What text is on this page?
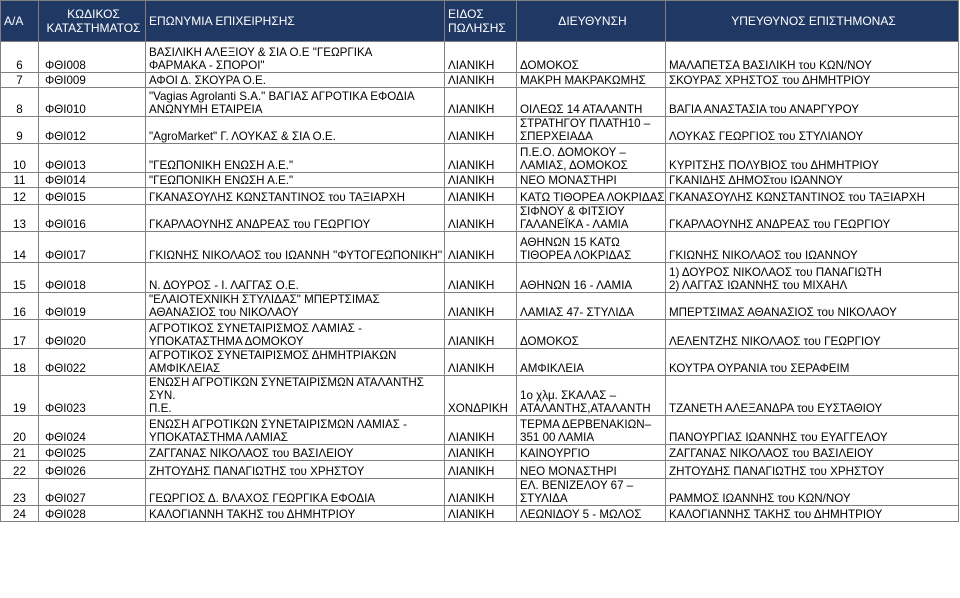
Α/Α	ΚΩΔΙΚΟΣ ΚΑΤΑΣΤΗΜΑΤΟΣ	ΕΠΩΝΥΜΙΑ ΕΠΙΧΕΙΡΗΣΗΣ	ΕΙΔΟΣ ΠΩΛΗΣΗΣ	ΔΙΕΥΘΥΝΣΗ	ΥΠΕΥΘΥΝΟΣ ΕΠΙΣΤΗΜΟΝΑΣ
6	ΦΘΙ008	ΒΑΣΙΛΙΚΗ ΑΛΕΞΙΟΥ & ΣΙΑ Ο.Ε "ΓΕΩΡΓΙΚΑ
ΦΑΡΜΑΚΑ - ΣΠΟΡΟΙ"	ΛΙΑΝΙΚΗ	ΔΟΜΟΚΟΣ	ΜΑΛΑΠΕΤΣΑ ΒΑΣΙΛΙΚΗ του ΚΩΝ/ΝΟΥ
7	ΦΘΙ009	ΑΦΟΙ Δ. ΣΚΟΥΡΑ Ο.Ε.	ΛΙΑΝΙΚΗ	ΜΑΚΡΗ ΜΑΚΡΑΚΩΜΗΣ	ΣΚΟΥΡΑΣ ΧΡΗΣΤΟΣ του ΔΗΜΗΤΡΙΟΥ
8	ΦΘΙ010	"Vagias Agrolanti S.A." ΒΑΓΙΑΣ ΑΓΡΟΤΙΚΑ ΕΦΟΔΙΑ
ΑΝΩΝΥΜΗ ΕΤΑΙΡΕΙΑ	ΛΙΑΝΙΚΗ	ΟΙΛΕΩΣ 14 ΑΤΑΛΑΝΤΗ	ΒΑΓΙΑ ΑΝΑΣΤΑΣΙΑ του ΑΝΑΡΓΥΡΟΥ
9	ΦΘΙ012	"AgroMarket" Γ. ΛΟΥΚΑΣ & ΣΙΑ Ο.Ε.	ΛΙΑΝΙΚΗ	ΣΤΡΑΤΗΓΟΥ ΠΛΑΤΗ10 –
ΣΠΕΡΧΕΙΑΔΑ	ΛΟΥΚΑΣ ΓΕΩΡΓΙΟΣ του ΣΤΥΛΙΑΝΟΥ
10	ΦΘΙ013	"ΓΕΩΠΟΝΙΚΗ ΕΝΩΣΗ Α.Ε."	ΛΙΑΝΙΚΗ	Π.Ε.Ο. ΔΟΜΟΚΟΥ –
ΛΑΜΙΑΣ, ΔΟΜΟΚΟΣ	ΚΥΡΙΤΣΗΣ ΠΟΛΥΒΙΟΣ του ΔΗΜΗΤΡΙΟΥ
11	ΦΘΙ014	"ΓΕΩΠΟΝΙΚΗ ΕΝΩΣΗ Α.Ε."	ΛΙΑΝΙΚΗ	ΝΕΟ ΜΟΝΑΣΤΗΡΙ	ΓΚΑΝΙΔΗΣ ΔΗΜΟΣτου ΙΩΑΝΝΟΥ
12	ΦΘΙ015	ΓΚΑΝΑΣΟΥΛΗΣ ΚΩΝΣΤΑΝΤΙΝΟΣ του ΤΑΞΙΑΡΧΗ	ΛΙΑΝΙΚΗ	ΚΑΤΩ ΤΙΘΟΡΕΑ ΛΟΚΡΙΔΑΣ	ΓΚΑΝΑΣΟΥΛΗΣ ΚΩΝΣΤΑΝΤΙΝΟΣ του ΤΑΞΙΑΡΧΗ
13	ΦΘΙ016	ΓΚΑΡΛΑΟΥΝΗΣ ΑΝΔΡΕΑΣ του ΓΕΩΡΓΙΟΥ	ΛΙΑΝΙΚΗ	ΣΙΦΝΟΥ & ΦΙΤΣΙΟΥ
ΓΑΛΑΝΕΪΚΑ - ΛΑΜΙΑ	ΓΚΑΡΛΑΟΥΝΗΣ ΑΝΔΡΕΑΣ του ΓΕΩΡΓΙΟΥ
14	ΦΘΙ017	ΓΚΙΩΝΗΣ ΝΙΚΟΛΑΟΣ του ΙΩΑΝΝΗ ''ΦΥΤΟΓΕΩΠΟΝΙΚΗ''	ΛΙΑΝΙΚΗ	ΑΘΗΝΩΝ 15 ΚΑΤΩ
ΤΙΘΟΡΕΑ ΛΟΚΡΙΔΑΣ	ΓΚΙΩΝΗΣ ΝΙΚΟΛΑΟΣ του ΙΩΑΝΝΟΥ
15	ΦΘΙ018	Ν. ΔΟΥΡΟΣ - Ι. ΛΑΓΓΑΣ Ο.Ε.	ΛΙΑΝΙΚΗ	ΑΘΗΝΩΝ 16 - ΛΑΜΙΑ	1) ΔΟΥΡΟΣ ΝΙΚΟΛΑΟΣ του ΠΑΝΑΓΙΩΤΗ
2) ΛΑΓΓΑΣ ΙΩΑΝΝΗΣ του ΜΙΧΑΗΛ
16	ΦΘΙ019	"ΕΛΑΙΟΤΕΧΝΙΚΗ ΣΤΥΛΙΔΑΣ" ΜΠΕΡΤΣΙΜΑΣ
ΑΘΑΝΑΣΙΟΣ του ΝΙΚΟΛΑΟΥ	ΛΙΑΝΙΚΗ	ΛΑΜΙΑΣ 47- ΣΤΥΛΙΔΑ	ΜΠΕΡΤΣΙΜΑΣ ΑΘΑΝΑΣΙΟΣ του ΝΙΚΟΛΑΟΥ
17	ΦΘΙ020	ΑΓΡΟΤΙΚΟΣ ΣΥΝΕΤΑΙΡΙΣΜΟΣ ΛΑΜΙΑΣ -
ΥΠΟΚΑΤΑΣΤΗΜΑ ΔΟΜΟΚΟΥ	ΛΙΑΝΙΚΗ	ΔΟΜΟΚΟΣ	ΛΕΛΕΝΤΖΗΣ ΝΙΚΟΛΑΟΣ του ΓΕΩΡΓΙΟΥ
18	ΦΘΙ022	ΑΓΡΟΤΙΚΟΣ ΣΥΝΕΤΑΙΡΙΣΜΟΣ ΔΗΜΗΤΡΙΑΚΩΝ
ΑΜΦΙΚΛΕΙΑΣ	ΛΙΑΝΙΚΗ	ΑΜΦΙΚΛΕΙΑ	ΚΟΥΤΡΑ ΟΥΡΑΝΙΑ του ΣΕΡΑΦΕΙΜ
19	ΦΘΙ023	ΕΝΩΣΗ ΑΓΡΟΤΙΚΩΝ ΣΥΝΕΤΑΙΡΙΣΜΩΝ ΑΤΑΛΑΝΤΗΣ ΣΥΝ.
Π.Ε.	ΧΟΝΔΡΙΚΗ	1ο χλμ. ΣΚΑΛΑΣ –
ΑΤΑΛΑΝΤΗΣ,ΑΤΑΛΑΝΤΗ	ΤΖΑΝΕΤΗ ΑΛΕΞΑΝΔΡΑ του ΕΥΣΤΑΘΙΟΥ
20	ΦΘΙ024	ΕΝΩΣΗ ΑΓΡΟΤΙΚΩΝ ΣΥΝΕΤΑΙΡΙΣΜΩΝ ΛΑΜΙΑΣ -
ΥΠΟΚΑΤΑΣΤΗΜΑ ΛΑΜΙΑΣ	ΛΙΑΝΙΚΗ	ΤΕΡΜΑ ΔΕΡΒΕΝΑΚΙΩΝ–
351 00 ΛΑΜΙΑ	ΠΑΝΟΥΡΓΙΑΣ ΙΩΑΝΝΗΣ του ΕΥΑΓΓΕΛΟΥ
21	ΦΘΙ025	ΖΑΓΓΑΝΑΣ ΝΙΚΟΛΑΟΣ του ΒΑΣΙΛΕΙΟΥ	ΛΙΑΝΙΚΗ	ΚΑΙΝΟΥΡΓΙΟ	ΖΑΓΓΑΝΑΣ ΝΙΚΟΛΑΟΣ του ΒΑΣΙΛΕΙΟΥ
22	ΦΘΙ026	ΖΗΤΟΥΔΗΣ ΠΑΝΑΓΙΩΤΗΣ του ΧΡΗΣΤΟΥ	ΛΙΑΝΙΚΗ	ΝΕΟ ΜΟΝΑΣΤΗΡΙ	ΖΗΤΟΥΔΗΣ ΠΑΝΑΓΙΩΤΗΣ του ΧΡΗΣΤΟΥ
23	ΦΘΙ027	ΓΕΩΡΓΙΟΣ Δ. ΒΛΑΧΟΣ ΓΕΩΡΓΙΚΑ ΕΦΟΔΙΑ	ΛΙΑΝΙΚΗ	ΕΛ. ΒΕΝΙΖΕΛΟΥ 67 –
ΣΤΥΛΙΔΑ	ΡΑΜΜΟΣ ΙΩΑΝΝΗΣ του ΚΩΝ/ΝΟΥ
24	ΦΘΙ028	ΚΑΛΟΓΙΑΝΝΗ ΤΑΚΗΣ του ΔΗΜΗΤΡΙΟΥ	ΛΙΑΝΙΚΗ	ΛΕΩΝΙΔΟΥ 5 - ΜΩΛΟΣ	ΚΑΛΟΓΙΑΝΝΗΣ ΤΑΚΗΣ του ΔΗΜΗΤΡΙΟΥ
